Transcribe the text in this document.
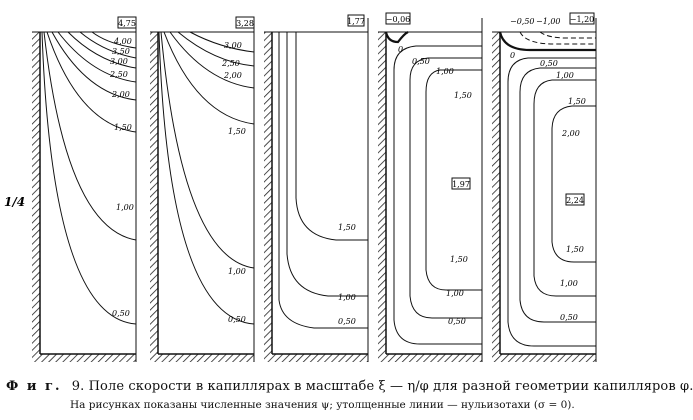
1/4
4,75
4,00
3,50
3,00
2,50
2,00
1,50
1,00
0,50
3,28
3,00
2,50
2,00
1,50
1,00
0,50
1,77
1,50
1,00
0,50
−0,06
0
1,97
0,50
1,00
1,50
1,50
1,00
0,50
−1,20
−0,50 −1,00
0
2,24
0,50
1,00
1,50
2,00
1,50
1,00
0,50
Ф и г. 9. Поле скорости в капиллярах в масштабе ξ — η/φ для разной геометрии капилляров φ.
На рисунках показаны численные значения ψ; утолщенные линии — нульизотахи (σ = 0).
